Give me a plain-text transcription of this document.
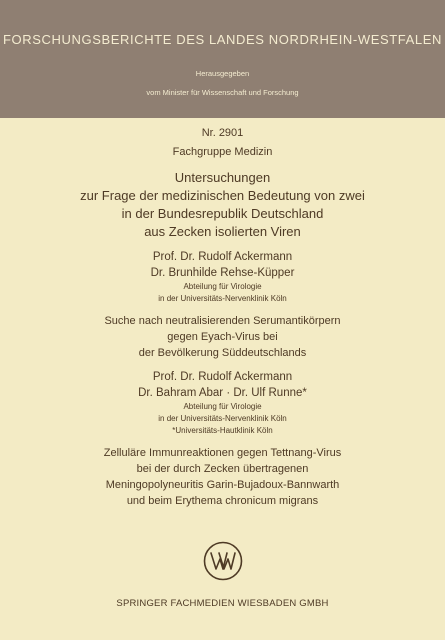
FORSCHUNGSBERICHTE DES LANDES NORDRHEIN-WESTFALEN
Herausgegeben
vom Minister für Wissenschaft und Forschung
Nr. 2901
Fachgruppe Medizin
Untersuchungen
zur Frage der medizinischen Bedeutung von zwei
in der Bundesrepublik Deutschland
aus Zecken isolierten Viren
Prof. Dr. Rudolf Ackermann
Dr. Brunhilde Rehse-Küpper
Abteilung für Virologie
in der Universitäts-Nervenklinik Köln
Suche nach neutralisierenden Serumantikörpern
gegen Eyach-Virus bei
der Bevölkerung Süddeutschlands
Prof. Dr. Rudolf Ackermann
Dr. Bahram Abar · Dr. Ulf Runne*
Abteilung für Virologie
in der Universitäts-Nervenklinik Köln
*Universitäts-Hautklinik Köln
Zelluläre Immunreaktionen gegen Tettnang-Virus
bei der durch Zecken übertragenen
Meningopolyneuritis Garin-Bujadoux-Bannwarth
und beim Erythema chronicum migrans
SPRINGER FACHMEDIEN WIESBADEN GMBH
